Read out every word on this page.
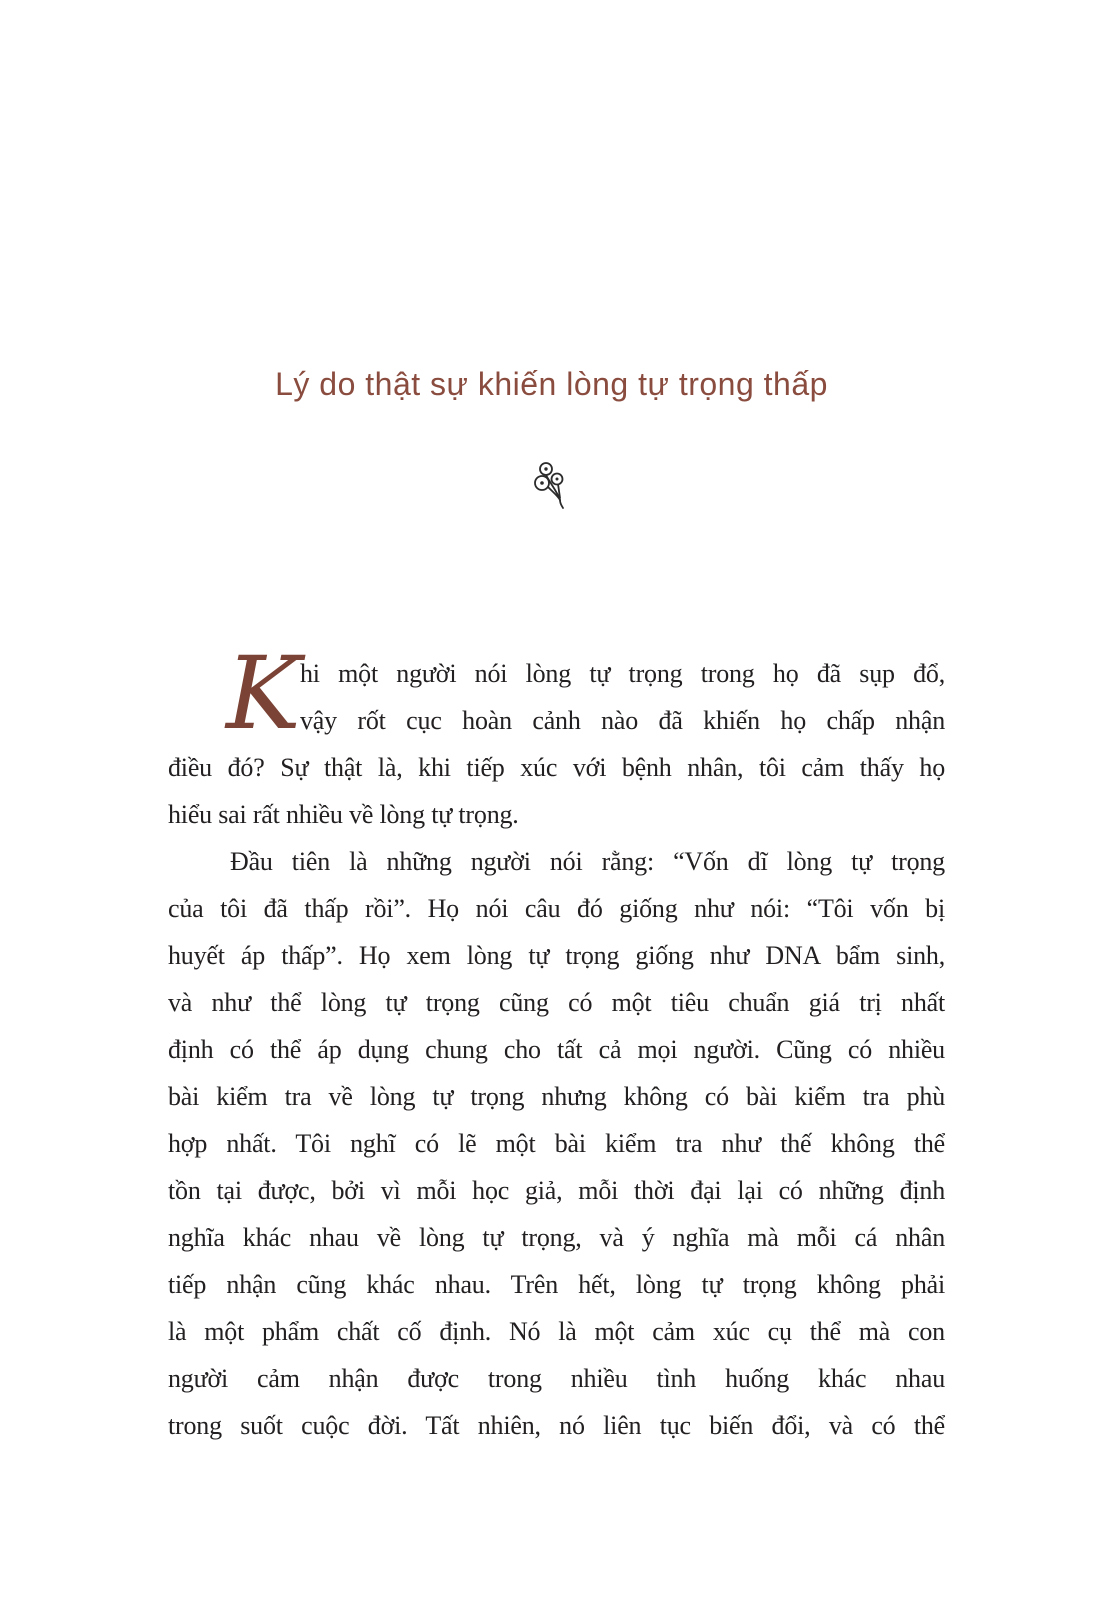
Lý do thật sự khiến lòng tự trọng thấp
K hi một người nói lòng tự trọng trong họ đã sụp đổ,
vậy rốt cục hoàn cảnh nào đã khiến họ chấp nhận
điều đó? Sự thật là, khi tiếp xúc với bệnh nhân, tôi cảm thấy họ
hiểu sai rất nhiều về lòng tự trọng.
Đầu tiên là những người nói rằng: “Vốn dĩ lòng tự trọng
của tôi đã thấp rồi”. Họ nói câu đó giống như nói: “Tôi vốn bị
huyết áp thấp”. Họ xem lòng tự trọng giống như DNA bẩm sinh,
và như thể lòng tự trọng cũng có một tiêu chuẩn giá trị nhất
định có thể áp dụng chung cho tất cả mọi người. Cũng có nhiều
bài kiểm tra về lòng tự trọng nhưng không có bài kiểm tra phù
hợp nhất. Tôi nghĩ có lẽ một bài kiểm tra như thế không thể
tồn tại được, bởi vì mỗi học giả, mỗi thời đại lại có những định
nghĩa khác nhau về lòng tự trọng, và ý nghĩa mà mỗi cá nhân
tiếp nhận cũng khác nhau. Trên hết, lòng tự trọng không phải
là một phẩm chất cố định. Nó là một cảm xúc cụ thể mà con
người cảm nhận được trong nhiều tình huống khác nhau
trong suốt cuộc đời. Tất nhiên, nó liên tục biến đổi, và có thể
